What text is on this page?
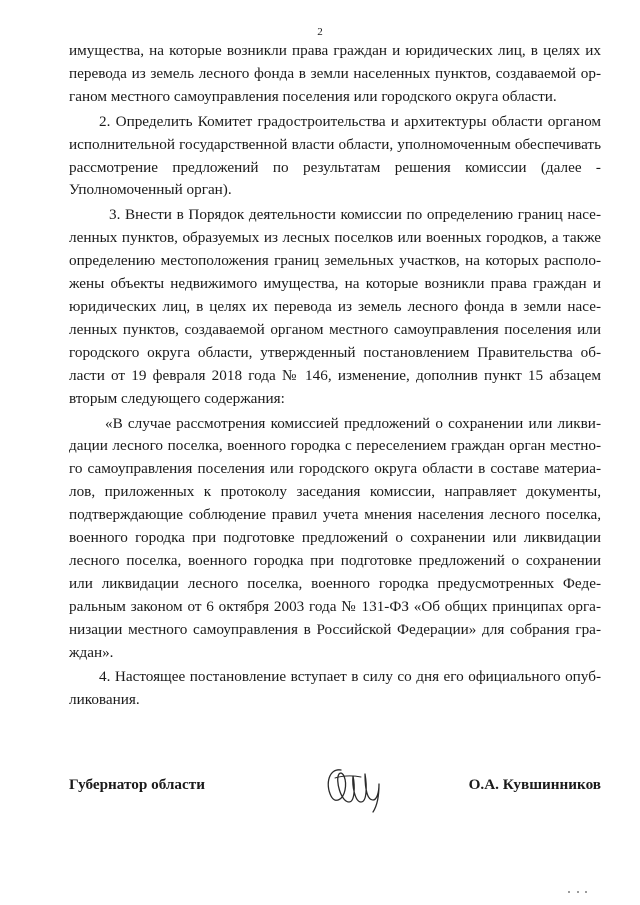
2

имущества, на которые возникли права граждан и юридических лиц, в целях их перевода из земель лесного фонда в земли населенных пунктов, создаваемой органом местного самоуправления поселения или городского округа области.

2. Определить Комитет градостроительства и архитектуры области органом исполнительной государственной власти области, уполномоченным обеспечивать рассмотрение предложений по результатам решения комиссии (далее - Уполномоченный орган).

3. Внести в Порядок деятельности комиссии по определению границ населенных пунктов, образуемых из лесных поселков или военных городков, а также определению местоположения границ земельных участков, на которых расположены объекты недвижимого имущества, на которые возникли права граждан и юридических лиц, в целях их перевода из земель лесного фонда в земли населенных пунктов, создаваемой органом местного самоуправления поселения или городского округа области, утвержденный постановлением Правительства области от 19 февраля 2018 года № 146, изменение, дополнив пункт 15 абзацем вторым следующего содержания:

«В случае рассмотрения комиссией предложений о сохранении или ликвидации лесного поселка, военного городка с переселением граждан орган местного самоуправления поселения или городского округа области в составе материалов, приложенных к протоколу заседания комиссии, направляет документы, подтверждающие соблюдение правил учета мнения населения лесного поселка, военного городка при подготовке предложений о сохранении или ликвидации лесного поселка, военного городка при подготовке предложений о сохранении или ликвидации лесного поселка, военного городка предусмотренных Федеральным законом от 6 октября 2003 года № 131-ФЗ «Об общих принципах организации местного самоуправления в Российской Федерации» для собрания граждан».

4. Настоящее постановление вступает в силу со дня его официального опубликования.

Губернатор области	О.А. Кувшинников
